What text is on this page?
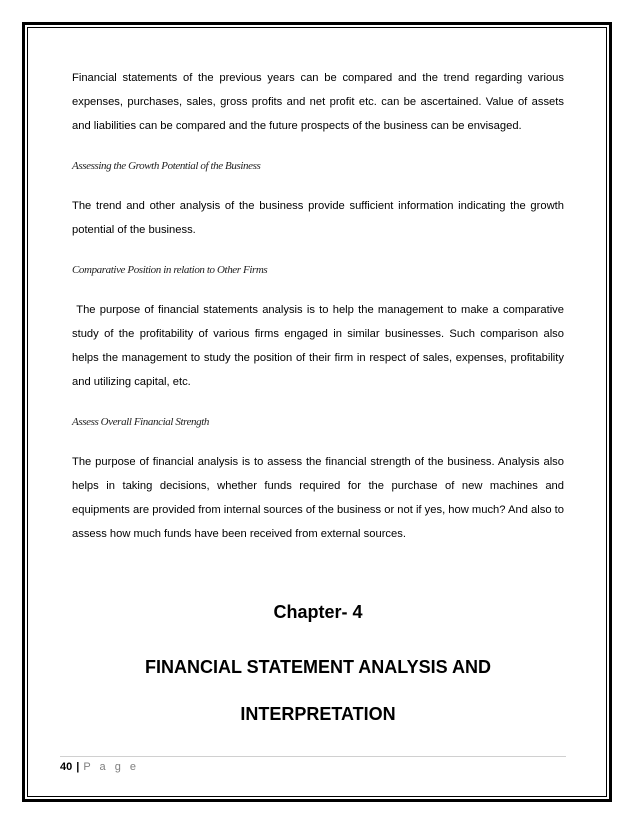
Financial statements of the previous years can be compared and the trend regarding various expenses, purchases, sales, gross profits and net profit etc. can be ascertained. Value of assets and liabilities can be compared and the future prospects of the business can be envisaged.

Assessing the Growth Potential of the Business

The trend and other analysis of the business provide sufficient information indicating the growth potential of the business.

Comparative Position in relation to Other Firms

The purpose of financial statements analysis is to help the management to make a comparative study of the profitability of various firms engaged in similar businesses. Such comparison also helps the management to study the position of their firm in respect of sales, expenses, profitability and utilizing capital, etc.

Assess Overall Financial Strength

The purpose of financial analysis is to assess the financial strength of the business. Analysis also helps in taking decisions, whether funds required for the purchase of new machines and equipments are provided from internal sources of the business or not if yes, how much? And also to assess how much funds have been received from external sources.

Chapter- 4
FINANCIAL STATEMENT ANALYSIS AND
INTERPRETATION
40 | P a g e
